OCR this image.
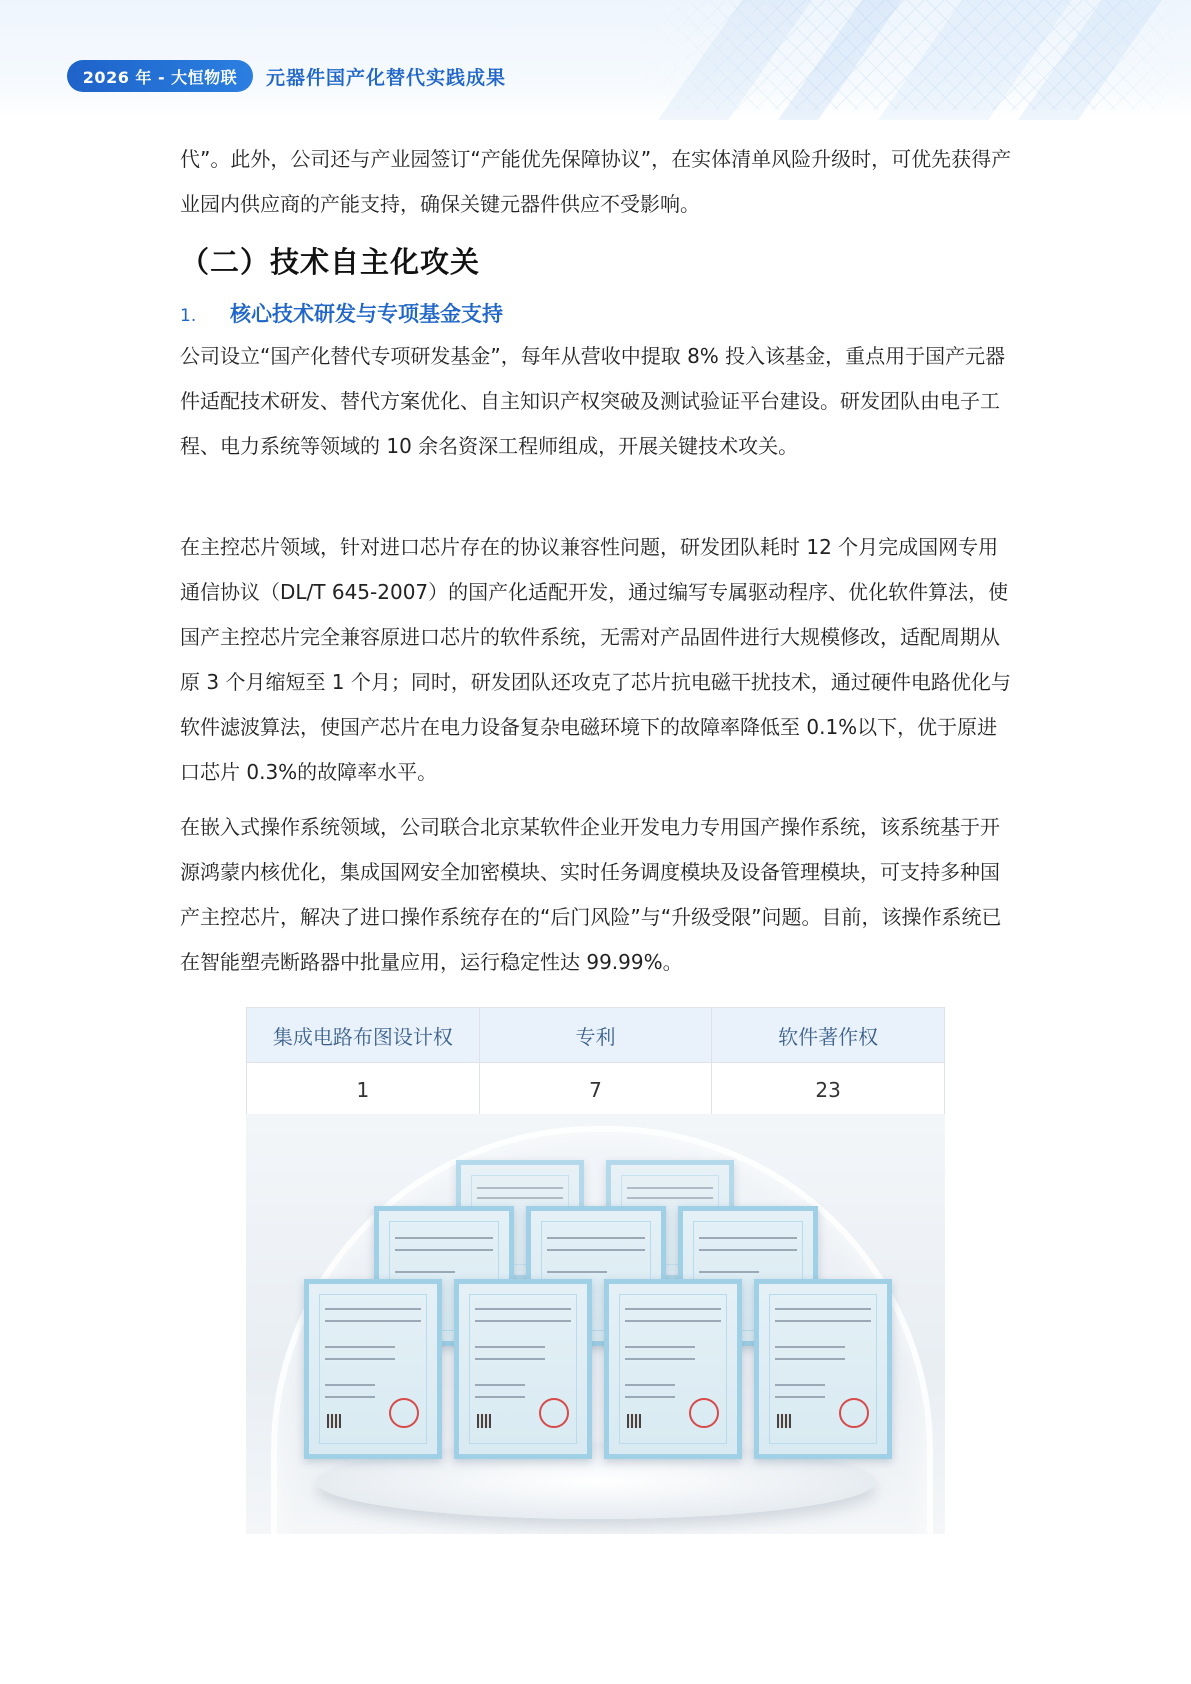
2026 年 - 大恒物联	元器件国产化替代实践成果

代”。此外，公司还与产业园签订“产能优先保障协议”，在实体清单风险升级时，可优先获得产业园内供应商的产能支持，确保关键元器件供应不受影响。

（二）技术自主化攻关
1. 核心技术研发与专项基金支持

公司设立“国产化替代专项研发基金”，每年从营收中提取 8% 投入该基金，重点用于国产元器件适配技术研发、替代方案优化、自主知识产权突破及测试验证平台建设。研发团队由电子工程、电力系统等领域的 10 余名资深工程师组成，开展关键技术攻关。

在主控芯片领域，针对进口芯片存在的协议兼容性问题，研发团队耗时 12 个月完成国网专用通信协议（DL/T 645-2007）的国产化适配开发，通过编写专属驱动程序、优化软件算法，使国产主控芯片完全兼容原进口芯片的软件系统，无需对产品固件进行大规模修改，适配周期从原 3 个月缩短至 1 个月；同时，研发团队还攻克了芯片抗电磁干扰技术，通过硬件电路优化与软件滤波算法，使国产芯片在电力设备复杂电磁环境下的故障率降低至 0.1%以下，优于原进口芯片 0.3%的故障率水平。

在嵌入式操作系统领域，公司联合北京某软件企业开发电力专用国产操作系统，该系统基于开源鸿蒙内核优化，集成国网安全加密模块、实时任务调度模块及设备管理模块，可支持多种国产主控芯片，解决了进口操作系统存在的“后门风险”与“升级受限”问题。目前，该操作系统已在智能塑壳断路器中批量应用，运行稳定性达 99.99%。

集成电路布图设计权	专利	软件著作权
1	7	23
